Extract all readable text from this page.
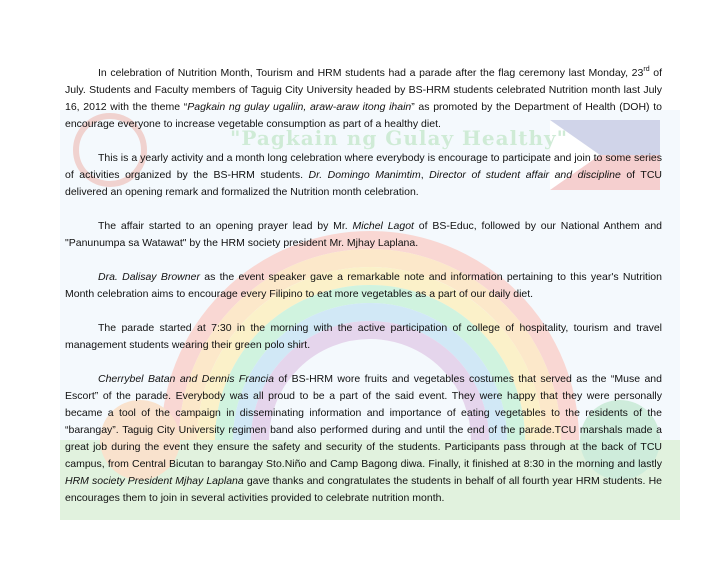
"Pagkain ng Gulay Healthy"

In celebration of Nutrition Month, Tourism and HRM students had a parade after the flag ceremony last Monday, 23rd of July. Students and Faculty members of Taguig City University headed by BS-HRM students celebrated Nutrition month last July 16, 2012 with the theme “Pagkain ng gulay ugaliin, araw-araw itong ihain” as promoted by the Department of Health (DOH) to encourage everyone to increase vegetable consumption as part of a healthy diet.

This is a yearly activity and a month long celebration where everybody is encourage to participate and join to some series of activities organized by the BS-HRM students. Dr. Domingo Manimtim, Director of student affair and discipline of TCU delivered an opening remark and formalized the Nutrition month celebration.

The affair started to an opening prayer lead by Mr. Michel Lagot of BS-Educ, followed by our National Anthem and "Panunumpa sa Watawat" by the HRM society president Mr. Mjhay Laplana.

Dra. Dalisay Browner as the event speaker gave a remarkable note and information pertaining to this year's Nutrition Month celebration aims to encourage every Filipino to eat more vegetables as a part of our daily diet.

The parade started at 7:30 in the morning with the active participation of college of hospitality, tourism and travel management students wearing their green polo shirt.

Cherrybel Batan and Dennis Francia of BS-HRM wore fruits and vegetables costumes that served as the “Muse and Escort” of the parade. Everybody was all proud to be a part of the said event. They were happy that they were personally became a tool of the campaign in disseminating information and importance of eating vegetables to the residents of the “barangay”. Taguig City University regimen band also performed during and until the end of the parade.TCU marshals made a great job during the event they ensure the safety and security of the students. Participants pass through at the back of TCU campus, from Central Bicutan to barangay Sto.Niño and Camp Bagong diwa. Finally, it finished at 8:30 in the morning and lastly HRM society President Mjhay Laplana gave thanks and congratulates the students in behalf of all fourth year HRM students. He encourages them to join in several activities provided to celebrate nutrition month.
